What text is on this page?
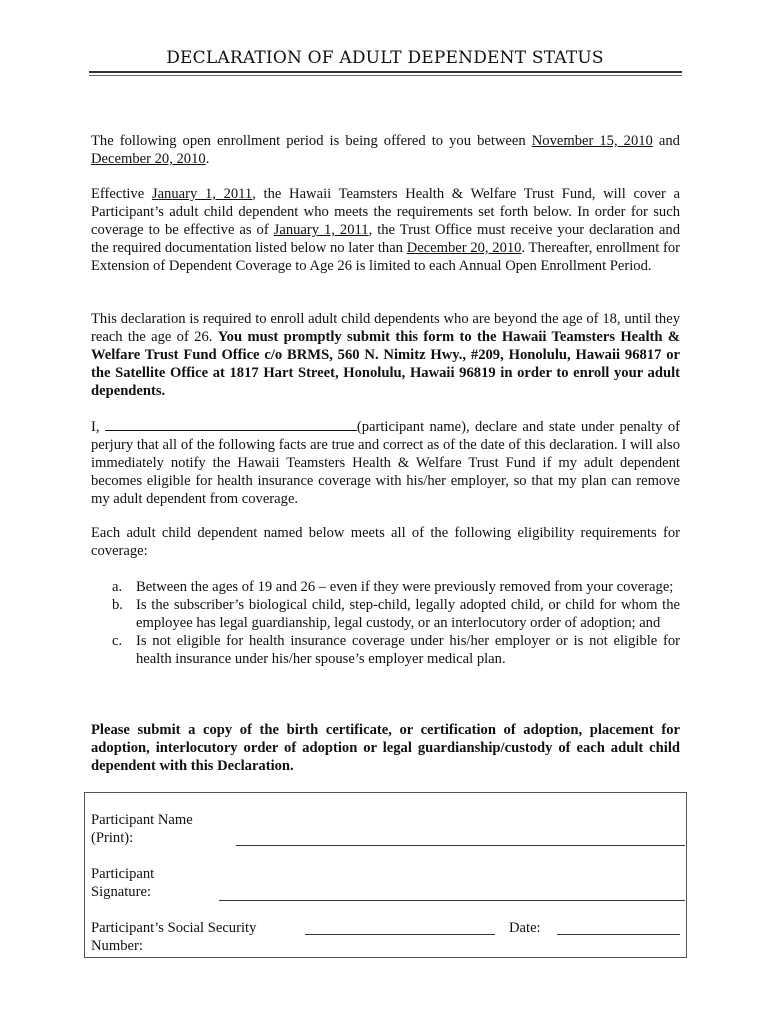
DECLARATION OF ADULT DEPENDENT STATUS
The following open enrollment period is being offered to you between November 15, 2010 and December 20, 2010.
Effective January 1, 2011, the Hawaii Teamsters Health & Welfare Trust Fund, will cover a Participant’s adult child dependent who meets the requirements set forth below. In order for such coverage to be effective as of January 1, 2011, the Trust Office must receive your declaration and the required documentation listed below no later than December 20, 2010. Thereafter, enrollment for Extension of Dependent Coverage to Age 26 is limited to each Annual Open Enrollment Period.
This declaration is required to enroll adult child dependents who are beyond the age of 18, until they reach the age of 26. You must promptly submit this form to the Hawaii Teamsters Health & Welfare Trust Fund Office c/o BRMS, 560 N. Nimitz Hwy., #209, Honolulu, Hawaii 96817 or the Satellite Office at 1817 Hart Street, Honolulu, Hawaii 96819 in order to enroll your adult dependents.
I,	(participant name), declare and state under penalty of perjury that all of the following facts are true and correct as of the date of this declaration. I will also immediately notify the Hawaii Teamsters Health & Welfare Trust Fund if my adult dependent becomes eligible for health insurance coverage with his/her employer, so that my plan can remove my adult dependent from coverage.
Each adult child dependent named below meets all of the following eligibility requirements for coverage:
a. Between the ages of 19 and 26 – even if they were previously removed from your coverage;
b. Is the subscriber’s biological child, step-child, legally adopted child, or child for whom the employee has legal guardianship, legal custody, or an interlocutory order of adoption; and
c. Is not eligible for health insurance coverage under his/her employer or is not eligible for health insurance under his/her spouse’s employer medical plan.
Please submit a copy of the birth certificate, or certification of adoption, placement for adoption, interlocutory order of adoption or legal guardianship/custody of each adult child dependent with this Declaration.
Participant Name
(Print):
Participant
Signature:
Participant’s Social Security
Number:
Date:
